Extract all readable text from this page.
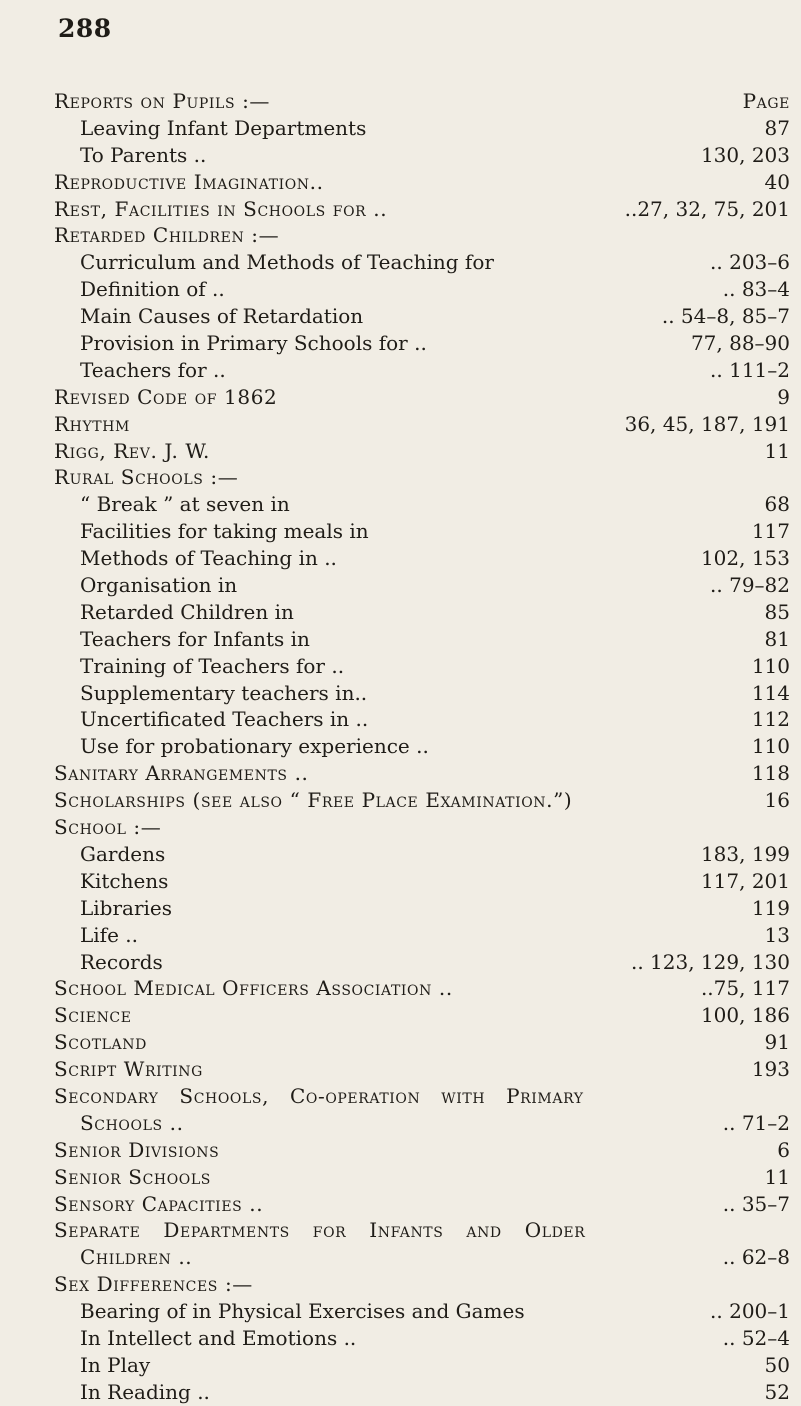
288
Reports on Pupils :—	Page
Leaving Infant Departments	87
To Parents ..	130, 203
Reproductive Imagination..	40
Rest, Facilities in Schools for ..	..27, 32, 75, 201
Retarded Children :—
Curriculum and Methods of Teaching for	.. 203–6
Definition of ..	.. 83–4
Main Causes of Retardation	.. 54–8, 85–7
Provision in Primary Schools for ..	77, 88–90
Teachers for ..	.. 111–2
Revised Code of 1862	9
Rhythm	36, 45, 187, 191
Rigg, Rev. J. W.	11
Rural Schools :—
“ Break ” at seven in	68
Facilities for taking meals in	117
Methods of Teaching in ..	102, 153
Organisation in	.. 79–82
Retarded Children in	85
Teachers for Infants in	81
Training of Teachers for ..	110
Supplementary teachers in..	114
Uncertificated Teachers in ..	112
Use for probationary experience ..	110
Sanitary Arrangements ..	118
Scholarships (see also “ Free Place Examination.”)	16
School :—
Gardens	183, 199
Kitchens	117, 201
Libraries	119
Life ..	13
Records	.. 123, 129, 130
School Medical Officers Association ..	..75, 117
Science	100, 186
Scotland	91
Script Writing	193
Secondary Schools, Co-operation with Primary
Schools ..	.. 71–2
Senior Divisions	6
Senior Schools	11
Sensory Capacities ..	.. 35–7
Separate Departments for Infants and Older
Children ..	.. 62–8
Sex Differences :—
Bearing of in Physical Exercises and Games	.. 200–1
In Intellect and Emotions ..	.. 52–4
In Play	50
In Reading ..	52
